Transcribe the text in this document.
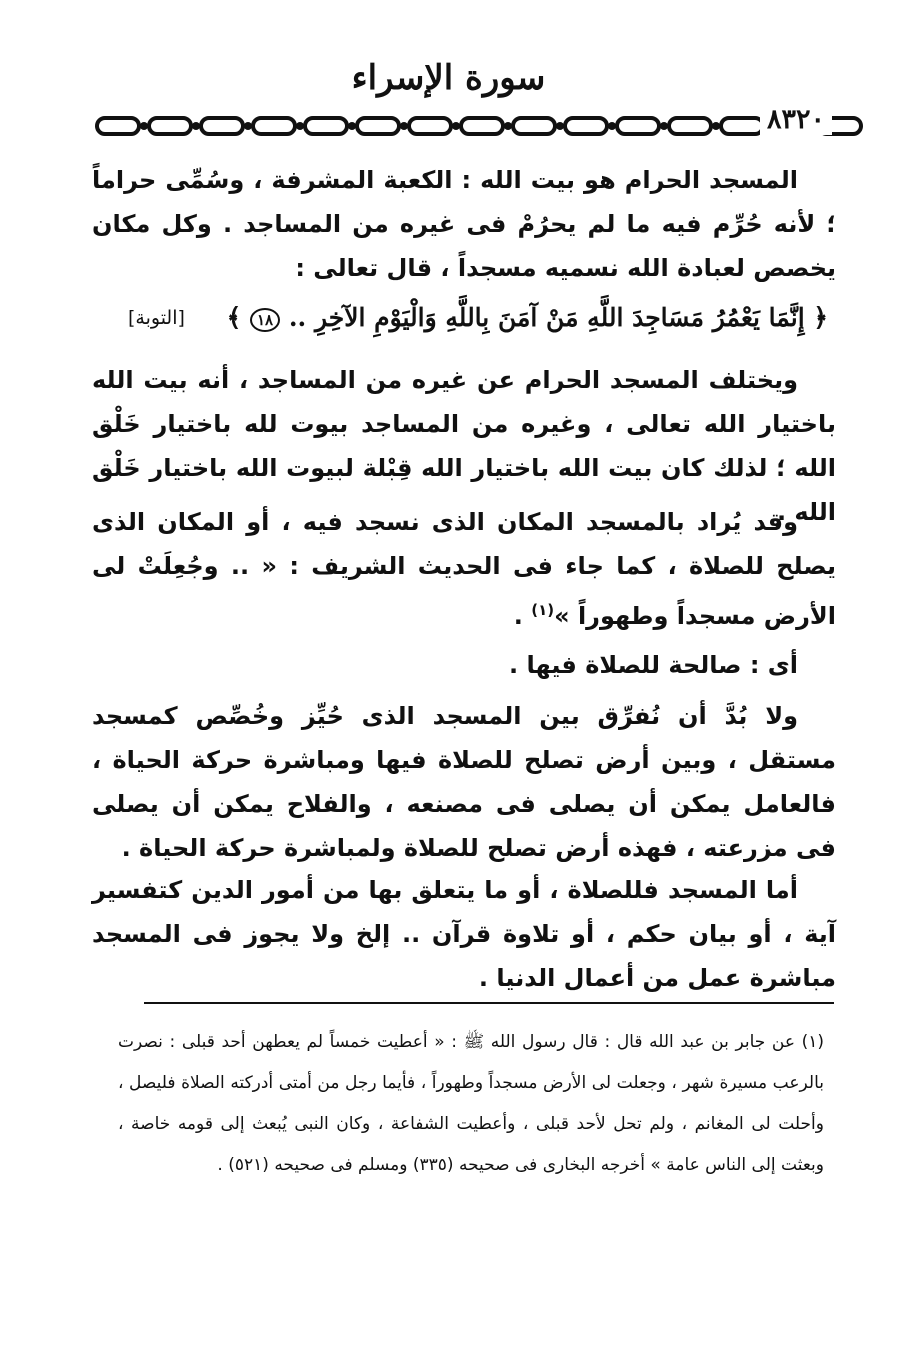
سورة الإسراء
٨٣٢٠

المسجد الحرام هو بيت الله : الكعبة المشرفة ، وسُمِّى حراماً ؛ لأنه حُرِّم فيه ما لم يحرُمْ فى غيره من المساجد . وكل مكان يخصص لعبادة الله نسميه مسجداً ، قال تعالى :

﴿ إِنَّمَا يَعْمُرُ مَسَاجِدَ اللَّهِ مَنْ آمَنَ بِاللَّهِ وَالْيَوْمِ الآخِرِ .. ١٨ ﴾
[التوبة]

ويختلف المسجد الحرام عن غيره من المساجد ، أنه بيت الله باختيار الله تعالى ، وغيره من المساجد بيوت لله باختيار خَلْق الله ؛ لذلك كان بيت الله باختيار الله قِبْلة لبيوت الله باختيار خَلْق الله .

وقد يُراد بالمسجد المكان الذى نسجد فيه ، أو المكان الذى يصلح للصلاة ، كما جاء فى الحديث الشريف : « .. وجُعِلَتْ لى الأرض مسجداً وطهوراً »$^{(١)}$ .

أى : صالحة للصلاة فيها .

ولا بُدَّ أن نُفرِّق بين المسجد الذى حُيِّز وخُصِّص كمسجد مستقل ، وبين أرض تصلح للصلاة فيها ومباشرة حركة الحياة ، فالعامل يمكن أن يصلى فى مصنعه ، والفلاح يمكن أن يصلى فى مزرعته ، فهذه أرض تصلح للصلاة ولمباشرة حركة الحياة .

أما المسجد فللصلاة ، أو ما يتعلق بها من أمور الدين كتفسير آية ، أو بيان حكم ، أو تلاوة قرآن .. إلخ ولا يجوز فى المسجد مباشرة عمل من أعمال الدنيا .

(١) عن جابر بن عبد الله قال : قال رسول الله ﷺ : « أعطيت خمساً لم يعطهن أحد قبلى : نصرت بالرعب مسيرة شهر ، وجعلت لى الأرض مسجداً وطهوراً ، فأيما رجل من أمتى أدركته الصلاة فليصل ، وأحلت لى المغانم ، ولم تحل لأحد قبلى ، وأعطيت الشفاعة ، وكان النبى يُبعث إلى قومه خاصة ، وبعثت إلى الناس عامة » أخرجه البخارى فى صحيحه (٣٣٥) ومسلم فى صحيحه (٥٢١) .
